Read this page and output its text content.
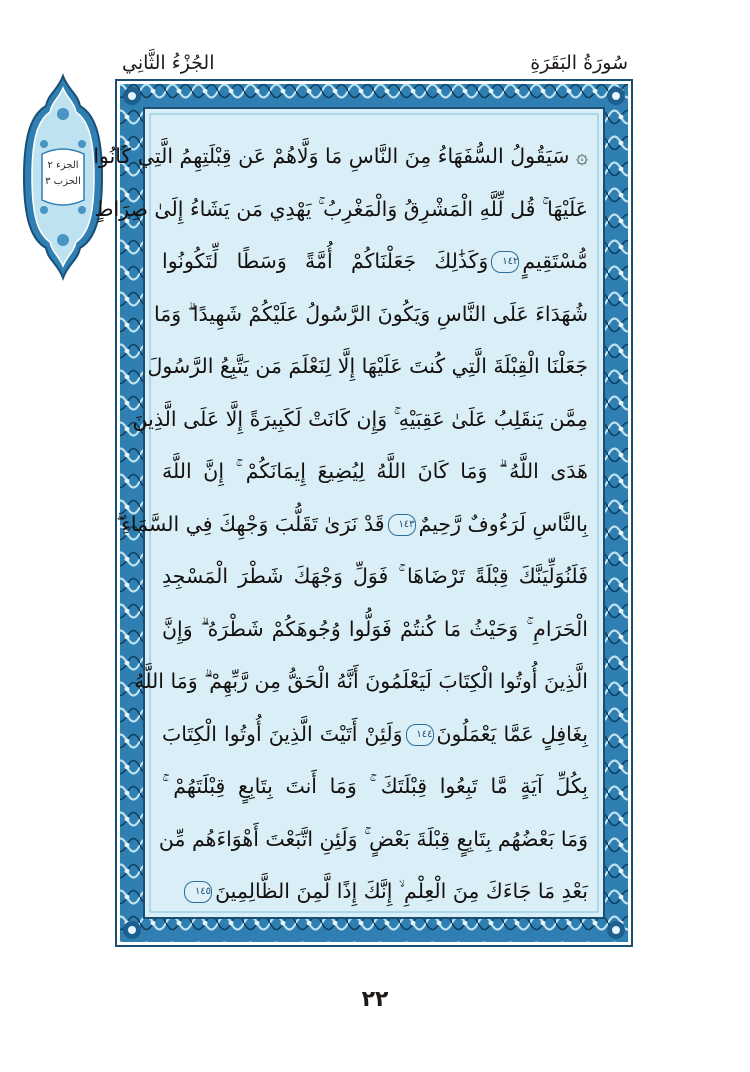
الجُزْءُ الثَّانِي	سُورَةُ البَقَرَةِ
الجزء ٢
الحزب ٣
۞ سَيَقُولُ السُّفَهَاءُ مِنَ النَّاسِ مَا وَلَّاهُمْ عَن قِبْلَتِهِمُ الَّتِي كَانُوا
عَلَيْهَا ۚ قُل لِّلَّهِ الْمَشْرِقُ وَالْمَغْرِبُ ۚ يَهْدِي مَن يَشَاءُ إِلَىٰ صِرَاطٍ
مُّسْتَقِيمٍ١٤٢وَكَذَٰلِكَ جَعَلْنَاكُمْ أُمَّةً وَسَطًا لِّتَكُونُوا
شُهَدَاءَ عَلَى النَّاسِ وَيَكُونَ الرَّسُولُ عَلَيْكُمْ شَهِيدًا ۗ وَمَا
جَعَلْنَا الْقِبْلَةَ الَّتِي كُنتَ عَلَيْهَا إِلَّا لِنَعْلَمَ مَن يَتَّبِعُ الرَّسُولَ
مِمَّن يَنقَلِبُ عَلَىٰ عَقِبَيْهِ ۚ وَإِن كَانَتْ لَكَبِيرَةً إِلَّا عَلَى الَّذِينَ
هَدَى اللَّهُ ۗ وَمَا كَانَ اللَّهُ لِيُضِيعَ إِيمَانَكُمْ ۚ إِنَّ اللَّهَ
بِالنَّاسِ لَرَءُوفٌ رَّحِيمٌ١٤٣قَدْ نَرَىٰ تَقَلُّبَ وَجْهِكَ فِي السَّمَاءِ ۖ
فَلَنُوَلِّيَنَّكَ قِبْلَةً تَرْضَاهَا ۚ فَوَلِّ وَجْهَكَ شَطْرَ الْمَسْجِدِ
الْحَرَامِ ۚ وَحَيْثُ مَا كُنتُمْ فَوَلُّوا وُجُوهَكُمْ شَطْرَهُ ۗ وَإِنَّ
الَّذِينَ أُوتُوا الْكِتَابَ لَيَعْلَمُونَ أَنَّهُ الْحَقُّ مِن رَّبِّهِمْ ۗ وَمَا اللَّهُ
بِغَافِلٍ عَمَّا يَعْمَلُونَ١٤٤وَلَئِنْ أَتَيْتَ الَّذِينَ أُوتُوا الْكِتَابَ
بِكُلِّ آيَةٍ مَّا تَبِعُوا قِبْلَتَكَ ۚ وَمَا أَنتَ بِتَابِعٍ قِبْلَتَهُمْ ۚ
وَمَا بَعْضُهُم بِتَابِعٍ قِبْلَةَ بَعْضٍ ۚ وَلَئِنِ اتَّبَعْتَ أَهْوَاءَهُم مِّن
بَعْدِ مَا جَاءَكَ مِنَ الْعِلْمِ ۙ إِنَّكَ إِذًا لَّمِنَ الظَّالِمِينَ١٤٥
٢٢
